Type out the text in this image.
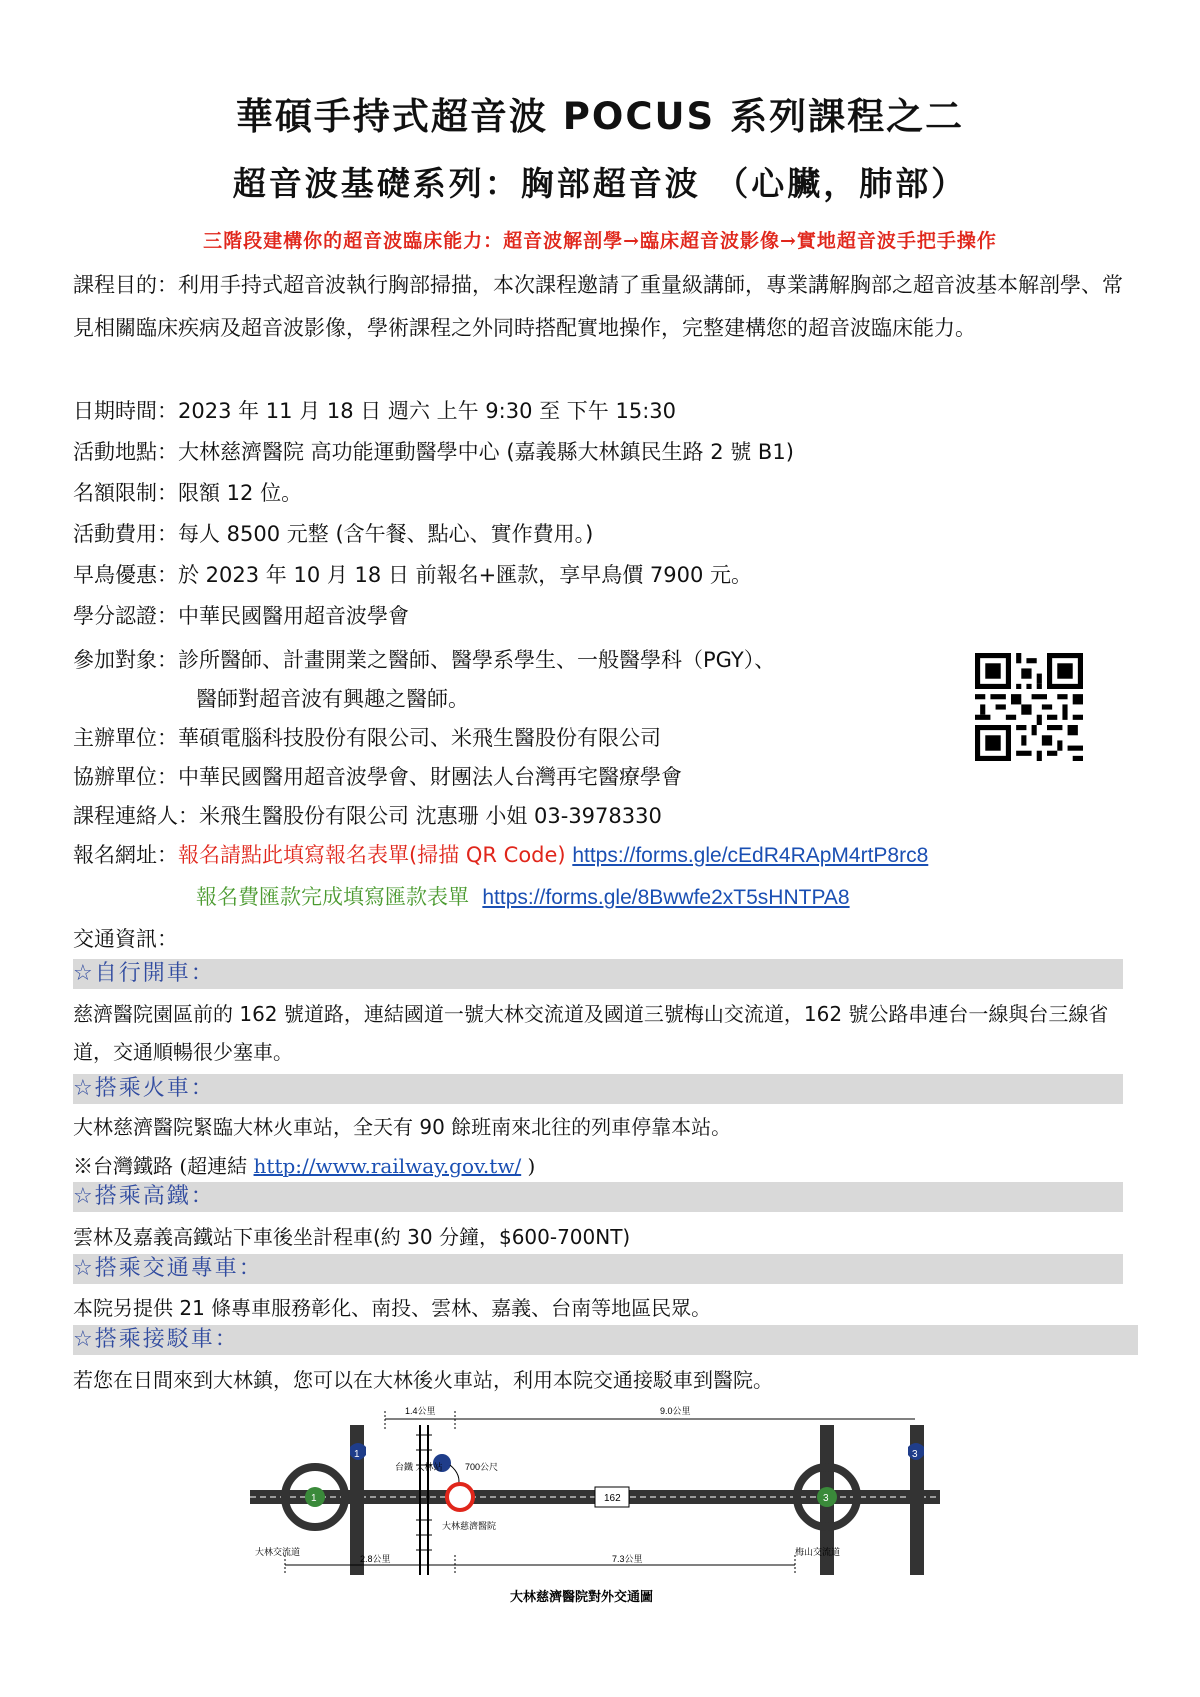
華碩手持式超音波 POCUS 系列課程之二
超音波基礎系列：胸部超音波 （心臟，肺部）
三階段建構你的超音波臨床能力：超音波解剖學→臨床超音波影像→實地超音波手把手操作
課程目的：利用手持式超音波執行胸部掃描，本次課程邀請了重量級講師，專業講解胸部之超音波基本解剖學、常見相關臨床疾病及超音波影像，學術課程之外同時搭配實地操作，完整建構您的超音波臨床能力。
日期時間：2023 年 11 月 18 日 週六 上午 9:30 至 下午 15:30
活動地點：大林慈濟醫院 高功能運動醫學中心 (嘉義縣大林鎮民生路 2 號 B1)
名額限制：限額 12 位。
活動費用：每人 8500 元整 (含午餐、點心、實作費用。)
早鳥優惠：於 2023 年 10 月 18 日 前報名+匯款，享早鳥價 7900 元。
學分認證：中華民國醫用超音波學會
參加對象：診所醫師、計畫開業之醫師、醫學系學生、一般醫學科（PGY）、
醫師對超音波有興趣之醫師。
主辦單位：華碩電腦科技股份有限公司、米飛生醫股份有限公司
協辦單位：中華民國醫用超音波學會、財團法人台灣再宅醫療學會
課程連絡人：米飛生醫股份有限公司 沈惠珊 小姐 03-3978330
報名網址：報名請點此填寫報名表單(掃描 QR Code) https://forms.gle/cEdR4RApM4rtP8rc8
報名費匯款完成填寫匯款表單 https://forms.gle/8Bwwfe2xT5sHNTPA8
交通資訊：
☆自行開車：
慈濟醫院園區前的 162 號道路，連結國道一號大林交流道及國道三號梅山交流道，162 號公路串連台一線與台三線省道，交通順暢很少塞車。
☆搭乘火車：
大林慈濟醫院緊臨大林火車站，全天有 90 餘班南來北往的列車停靠本站。
※台灣鐵路 (超連結 http://www.railway.gov.tw/ )
☆搭乘高鐵：
雲林及嘉義高鐵站下車後坐計程車(約 30 分鐘，$600-700NT)
☆搭乘交通專車：
本院另提供 21 條專車服務彰化、南投、雲林、嘉義、台南等地區民眾。
☆搭乘接駁車：
若您在日間來到大林鎮，您可以在大林後火車站，利用本院交通接駁車到醫院。
1.4公里	9.0公里
1
1
台鐵 大林站 700公尺
大林慈濟醫院
162	3
3
大林交流道	梅山交流道
2.8公里	7.3公里
大林慈濟醫院對外交通圖
